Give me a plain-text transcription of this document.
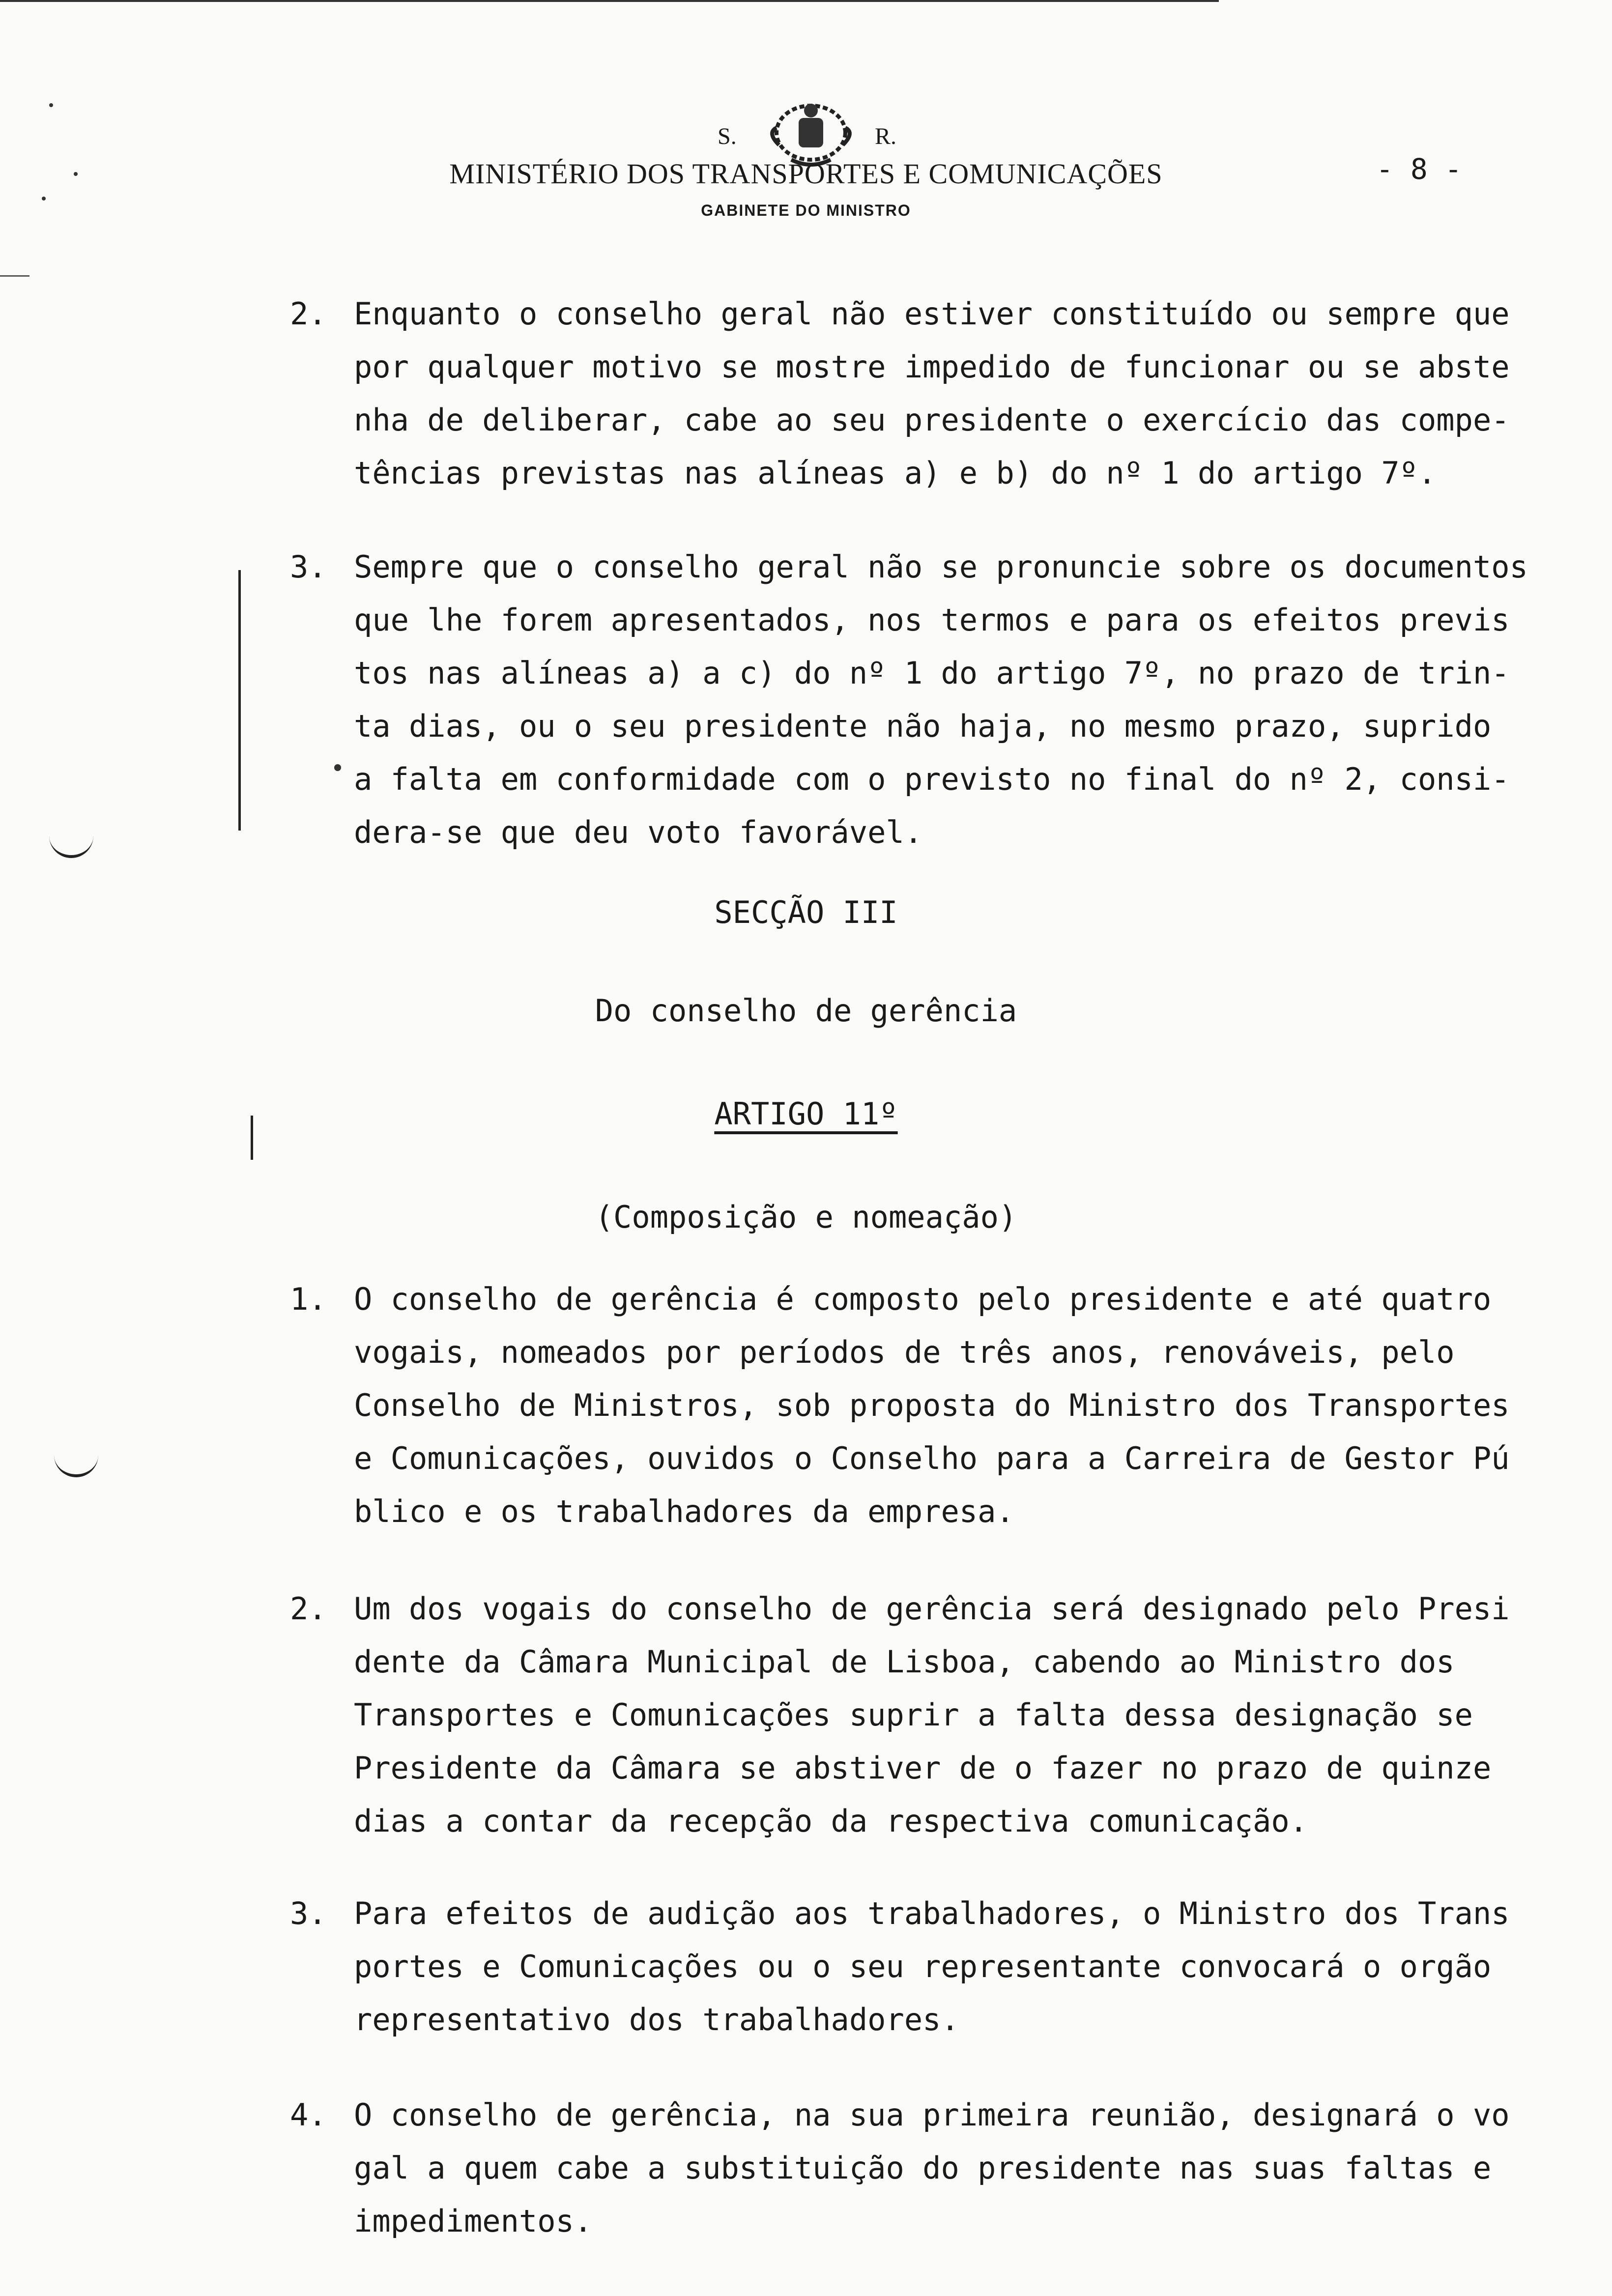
S.	R.
MINISTÉRIO DOS TRANSPORTES E COMUNICAÇÕES
GABINETE DO MINISTRO
- 8 -
2. Enquanto o conselho geral não estiver constituído ou sempre que
por qualquer motivo se mostre impedido de funcionar ou se abste
nha de deliberar, cabe ao seu presidente o exercício das compe-
tências previstas nas alíneas a) e b) do nº 1 do artigo 7º.
3. Sempre que o conselho geral não se pronuncie sobre os documentos
que lhe forem apresentados, nos termos e para os efeitos previs
tos nas alíneas a) a c) do nº 1 do artigo 7º, no prazo de trin-
ta dias, ou o seu presidente não haja, no mesmo prazo, suprido
a falta em conformidade com o previsto no final do nº 2, consi-
dera-se que deu voto favorável.
SECÇÃO III
Do conselho de gerência
ARTIGO 11º
(Composição e nomeação)
1. O conselho de gerência é composto pelo presidente e até quatro
vogais, nomeados por períodos de três anos, renováveis, pelo
Conselho de Ministros, sob proposta do Ministro dos Transportes
e Comunicações, ouvidos o Conselho para a Carreira de Gestor Pú
blico e os trabalhadores da empresa.
2. Um dos vogais do conselho de gerência será designado pelo Presi
dente da Câmara Municipal de Lisboa, cabendo ao Ministro dos
Transportes e Comunicações suprir a falta dessa designação se
Presidente da Câmara se abstiver de o fazer no prazo de quinze
dias a contar da recepção da respectiva comunicação.
3. Para efeitos de audição aos trabalhadores, o Ministro dos Trans
portes e Comunicações ou o seu representante convocará o orgão
representativo dos trabalhadores.
4. O conselho de gerência, na sua primeira reunião, designará o vo
gal a quem cabe a substituição do presidente nas suas faltas e
impedimentos.
